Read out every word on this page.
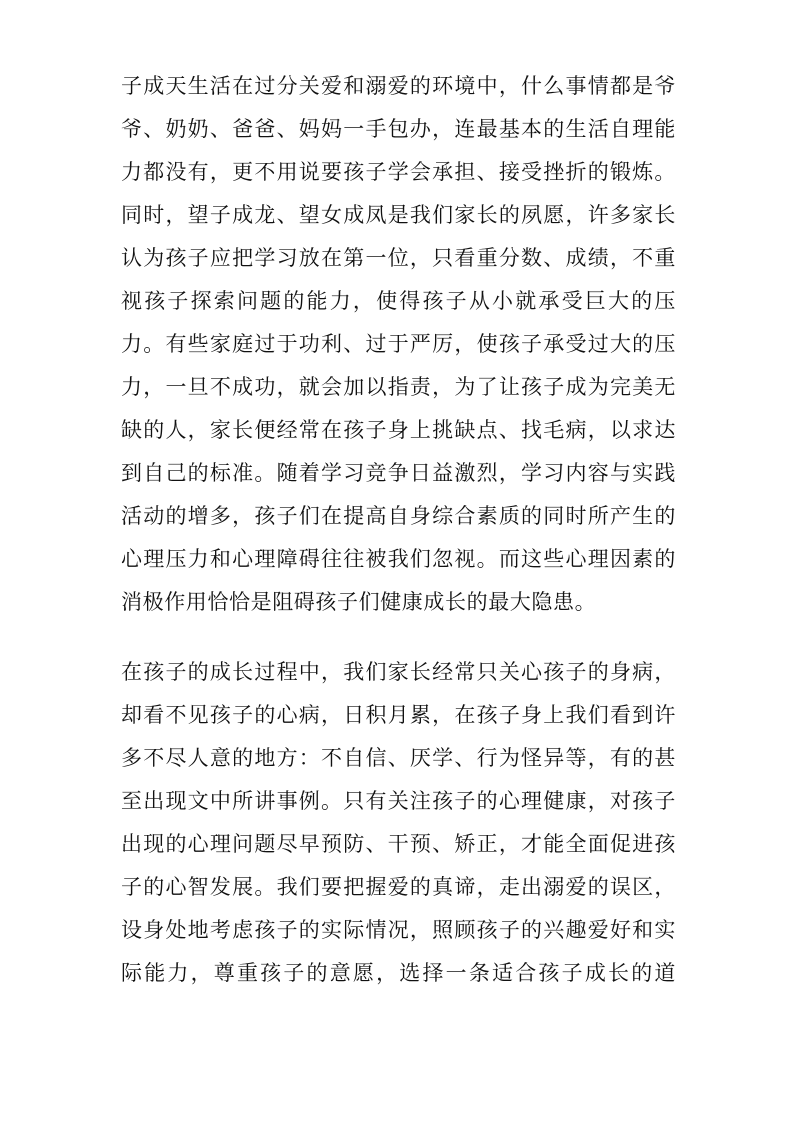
子成天生活在过分关爱和溺爱的环境中，什么事情都是爷
爷、奶奶、爸爸、妈妈一手包办，连最基本的生活自理能
力都没有，更不用说要孩子学会承担、接受挫折的锻炼。
同时，望子成龙、望女成凤是我们家长的夙愿，许多家长
认为孩子应把学习放在第一位，只看重分数、成绩，不重
视孩子探索问题的能力，使得孩子从小就承受巨大的压
力。有些家庭过于功利、过于严厉，使孩子承受过大的压
力，一旦不成功，就会加以指责，为了让孩子成为完美无
缺的人，家长便经常在孩子身上挑缺点、找毛病，以求达
到自己的标准。随着学习竞争日益激烈，学习内容与实践
活动的增多，孩子们在提高自身综合素质的同时所产生的
心理压力和心理障碍往往被我们忽视。而这些心理因素的
消极作用恰恰是阻碍孩子们健康成长的最大隐患。
在孩子的成长过程中，我们家长经常只关心孩子的身病，
却看不见孩子的心病，日积月累，在孩子身上我们看到许
多不尽人意的地方：不自信、厌学、行为怪异等，有的甚
至出现文中所讲事例。只有关注孩子的心理健康，对孩子
出现的心理问题尽早预防、干预、矫正，才能全面促进孩
子的心智发展。我们要把握爱的真谛，走出溺爱的误区，
设身处地考虑孩子的实际情况，照顾孩子的兴趣爱好和实
际能力，尊重孩子的意愿，选择一条适合孩子成长的道
